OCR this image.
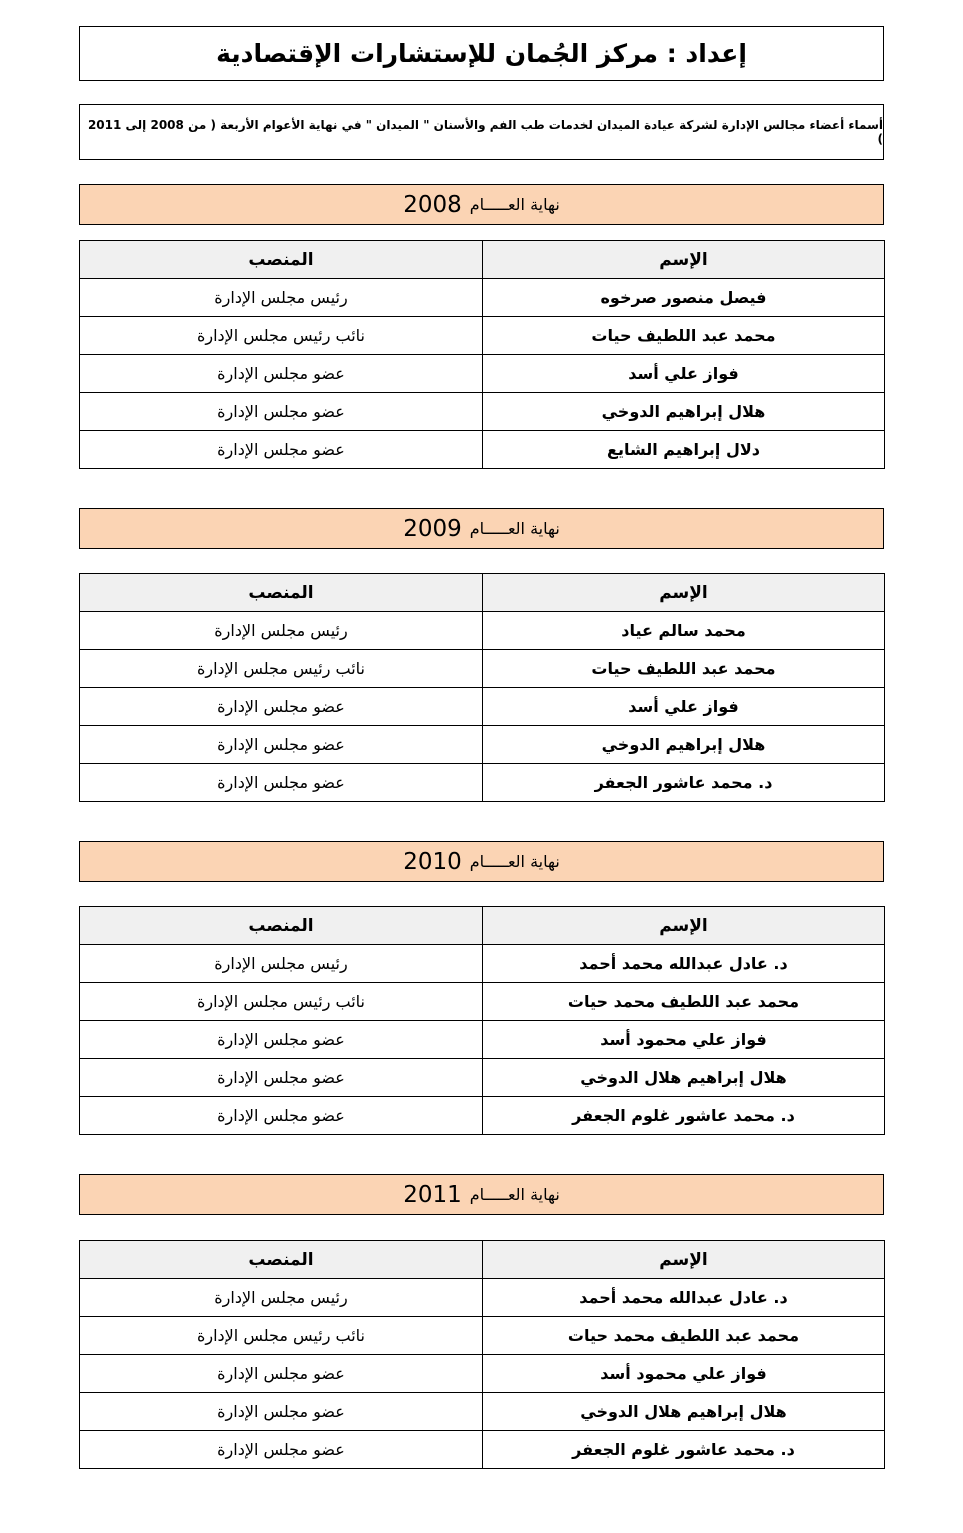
إعداد : مركز الجُمان للإستشارات الإقتصادية
أسماء أعضاء مجالس الإدارة لشركة عيادة الميدان لخدمات طب الفم والأسنان " الميدان " في نهاية الأعوام الأربعة ( من 2008 إلى 2011 )
نهاية العـــــام
2008
الإسم	المنصب
فيصل منصور صرخوه	رئيس مجلس الإدارة
محمد عبد اللطيف حيات	نائب رئيس مجلس الإدارة
فواز علي أسد	عضو مجلس الإدارة
هلال إبراهيم الدوخي	عضو مجلس الإدارة
دلال إبراهيم الشايع	عضو مجلس الإدارة
نهاية العـــــام
2009
الإسم	المنصب
محمد سالم عياد	رئيس مجلس الإدارة
محمد عبد اللطيف حيات	نائب رئيس مجلس الإدارة
فواز علي أسد	عضو مجلس الإدارة
هلال إبراهيم الدوخي	عضو مجلس الإدارة
د. محمد عاشور الجعفر	عضو مجلس الإدارة
نهاية العـــــام
2010
الإسم	المنصب
د. عادل عبدالله محمد أحمد	رئيس مجلس الإدارة
محمد عبد اللطيف محمد حيات	نائب رئيس مجلس الإدارة
فواز علي محمود أسد	عضو مجلس الإدارة
هلال إبراهيم هلال الدوخي	عضو مجلس الإدارة
د. محمد عاشور غلوم الجعفر	عضو مجلس الإدارة
نهاية العـــــام
2011
الإسم	المنصب
د. عادل عبدالله محمد أحمد	رئيس مجلس الإدارة
محمد عبد اللطيف محمد حيات	نائب رئيس مجلس الإدارة
فواز علي محمود أسد	عضو مجلس الإدارة
هلال إبراهيم هلال الدوخي	عضو مجلس الإدارة
د. محمد عاشور غلوم الجعفر	عضو مجلس الإدارة
